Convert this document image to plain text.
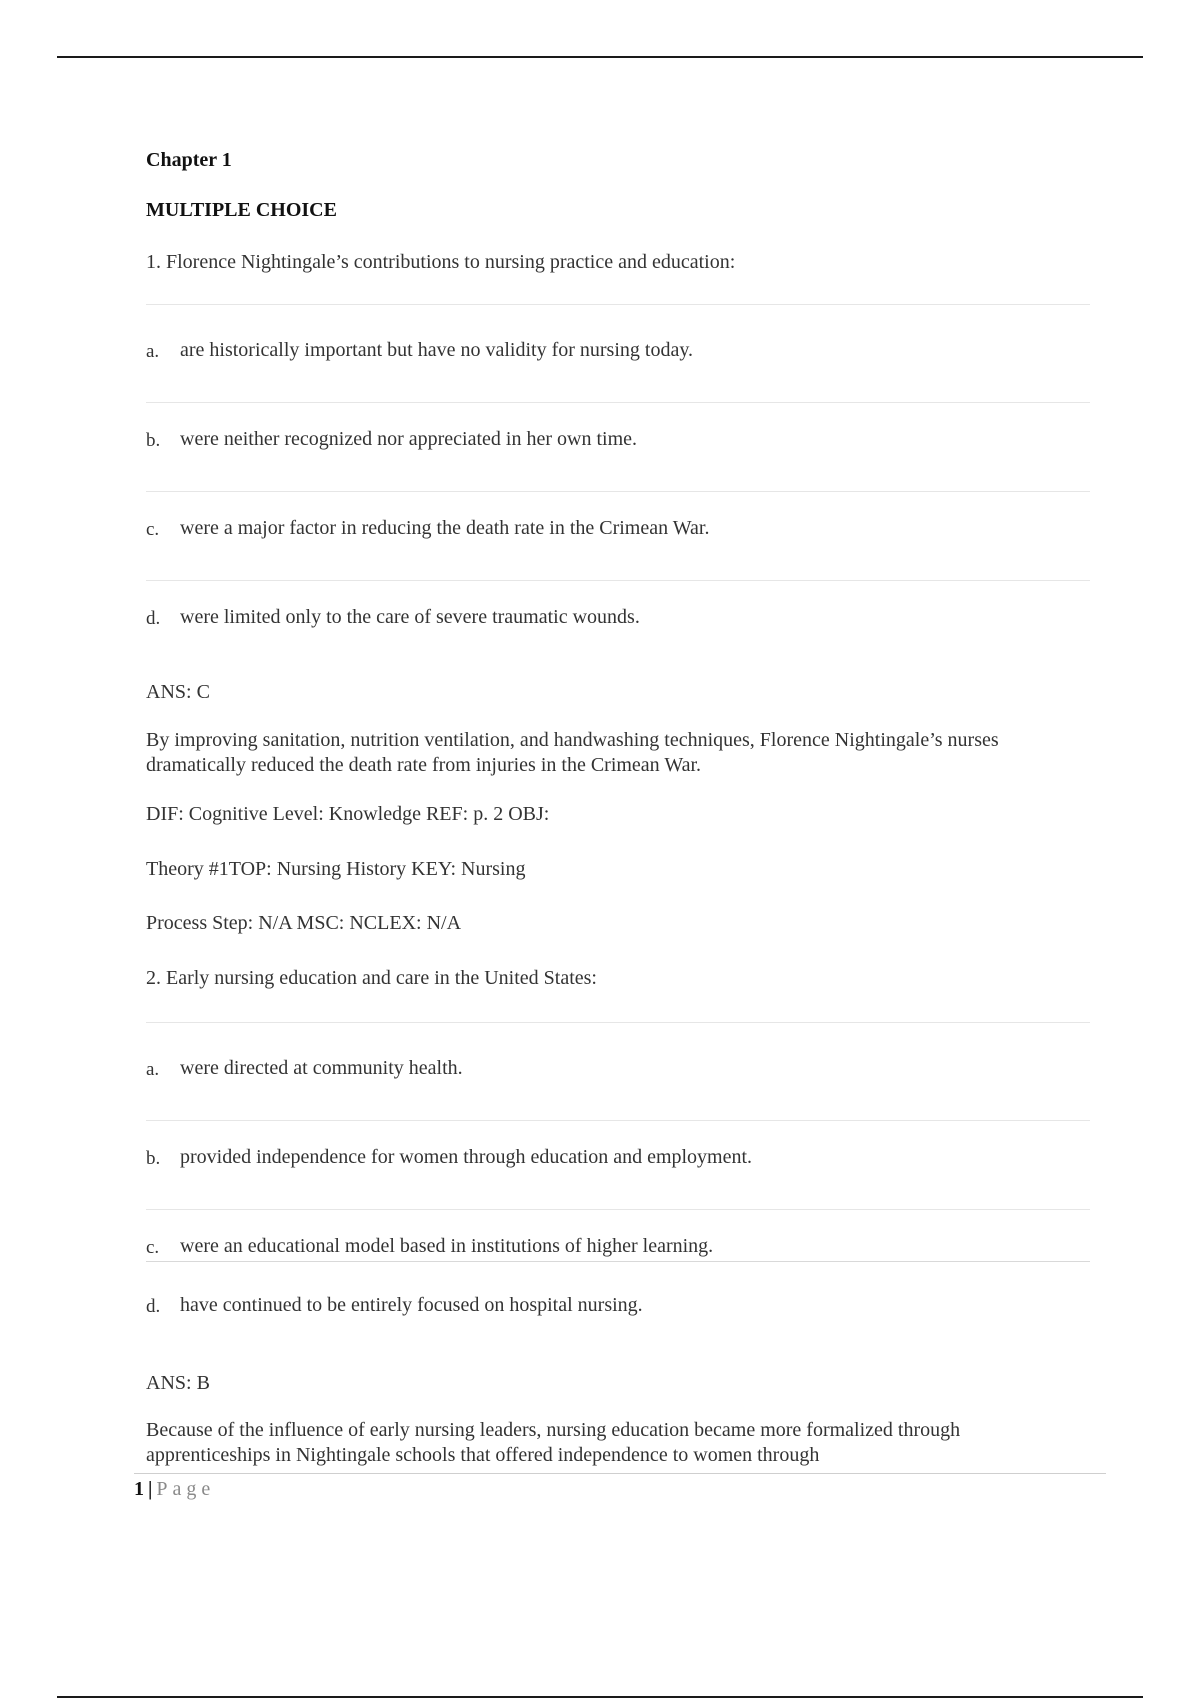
Chapter 1
MULTIPLE CHOICE
1. Florence Nightingale’s contributions to nursing practice and education:
a.	are historically important but have no validity for nursing today.
b. were neither recognized nor appreciated in her own time.
c.	were a major factor in reducing the death rate in the Crimean War.
d. were limited only to the care of severe traumatic wounds.
ANS: C
By improving sanitation, nutrition ventilation, and handwashing techniques, Florence Nightingale’s nurses dramatically reduced the death rate from injuries in the Crimean War.
DIF: Cognitive Level: Knowledge REF: p. 2 OBJ:
Theory #1TOP: Nursing History KEY: Nursing
Process Step: N/A MSC: NCLEX: N/A
2. Early nursing education and care in the United States:
a.	were directed at community health.
b. provided independence for women through education and employment.
c.	were an educational model based in institutions of higher learning.
d. have continued to be entirely focused on hospital nursing.
ANS: B
Because of the influence of early nursing leaders, nursing education became more formalized through apprenticeships in Nightingale schools that offered independence to women through
1 | Page
